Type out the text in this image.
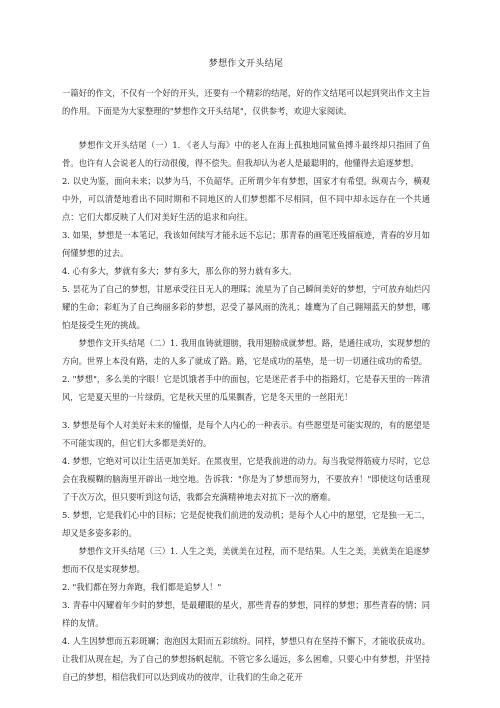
梦想作文开头结尾

一篇好的作文，不仅有一个好的开头，还要有一个精彩的结尾，好的作文结尾可以起到突出作文主旨的作用。下面是为大家整理的"梦想作文开头结尾"，仅供参考，欢迎大家阅读。

梦想作文开头结尾（一）1. 《老人与海》中的老人在海上孤独地同鲨鱼搏斗最终却只指回了鱼骨。也许有人会说老人的行动很傻，得不偿失。但我却认为老人是最聪明的，他懂得去追逐梦想。

2. 以史为鉴，面向未来；以梦为马，不负韶华。正所谓少年有梦想，国家才有希望。纵观古今，横观中外，可以清楚地看出不同时期和不同地区的人们梦想都不尽相同，但不同中却永远存在一个共通点：它们大都反映了人们对美好生活的追求和向往。

3. 如果，梦想是一本笔记，我该如何续写才能永远不忘记；那青春的画笔还残留痕迹，青春的岁月如何懂梦想的过去。

4. 心有多大，梦就有多大；梦有多大，那么你的努力就有多大。

5. 昙花为了自己的梦想，甘愿承受往日无人的理睬；流星为了自己瞬间美好的梦想，宁可放弃灿烂闪耀的生命；彩虹为了自己绚丽多彩的梦想，忍受了暴风雨的洗礼；雄鹰为了自己翱翔蓝天的梦想，哪怕是接受生死的挑战。

梦想作文开头结尾（二）1. 我用血铸就翅膀，我用翅膀成就梦想。路，是通往成功，实现梦想的方向。世界上本没有路，走的人多了就成了路。路，它是成功的基垫，是一切一切通往成功的希望。

2. "梦想"，多么美的字眼！它是饥饿者手中的面包，它是迷茫者手中的指路灯，它是春天里的一阵清风，它是夏天里的一片绿荫，它是秋天里的瓜果飘香，它是冬天里的一丝阳光！

3. 梦想是每个人对美好未来的憧憬，是每个人内心的一种表示。有些愿望是可能实现的，有的愿望是不可能实现的，但它们大多都是美好的。

4. 梦想，它绝对可以让生活更加美好。在黑夜里，它是我前进的动力。每当我觉得筋疲力尽时，它总会在我模糊的脑海里开辟出一地空地。告诉我："你是为了梦想而努力，不要放弃！"即使这句话重现了千次万次，但只要听到这句话，我都会充满精神地去对抗下一次的磨难。

5. 梦想，它是我们心中的目标；它是促使我们前进的发动机；是每个人心中的愿望，它是独一无二，却又是多姿多彩的。

梦想作文开头结尾（三）1. 人生之美，美就美在过程，而不是结果。人生之美，美就美在追逐梦想而不仅是实现梦想。

2. "我们都在努力奔跑，我们都是追梦人！"

3. 青春中闪耀着年少时的梦想，是最耀眼的星火，那些青春的梦想，同样的梦想；那些青春的情；同样的友情。

4. 人生因梦想而五彩斑斓；泡泡因太阳而五彩缤纷。同样，梦想只有在坚持不懈下，才能收获成功。让我们从现在起，为了自己的梦想扬帆起航。不管它多么遥远，多么困难，只要心中有梦想，并坚持自己的梦想，相信我们可以达到成功的彼岸，让我们的生命之花开
